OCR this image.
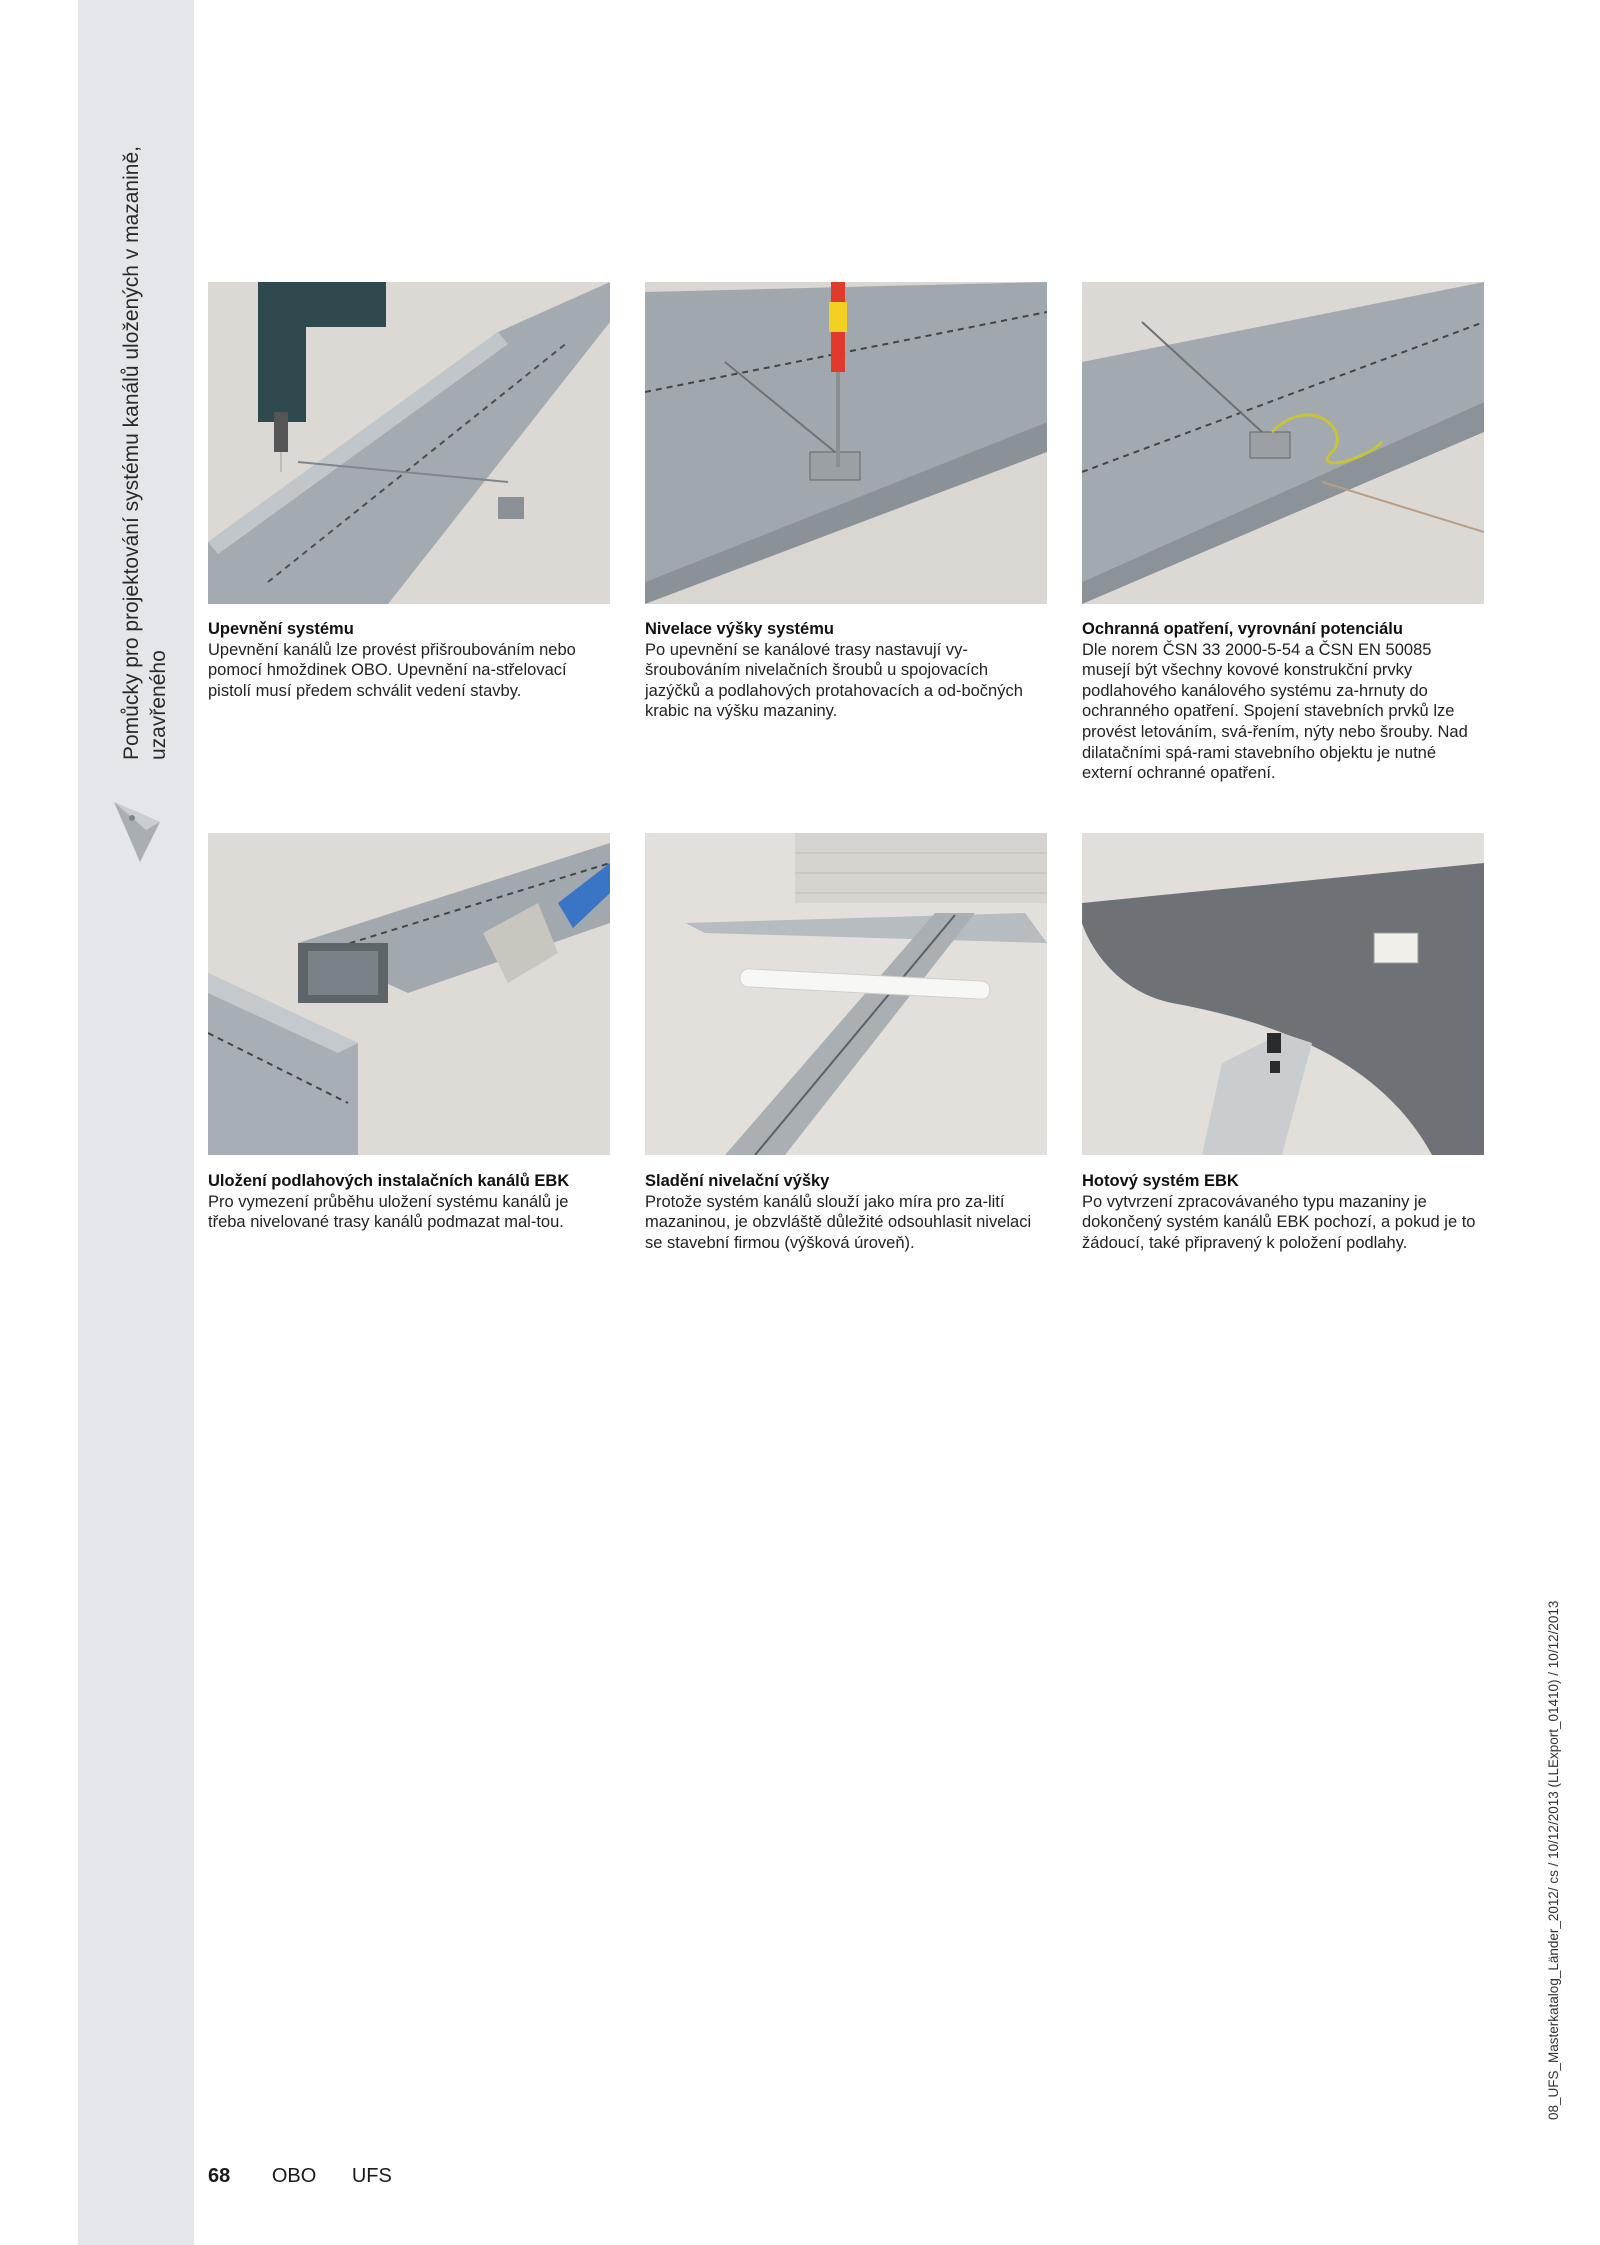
Pomůcky pro projektování systému kanálů uložených v mazanině, uzavřeného
Upevnění systému

Upevnění kanálů lze provést přišroubováním nebo pomocí hmoždinek OBO. Upevnění na-střelovací pistolí musí předem schválit vedení stavby.

Nivelace výšky systému

Po upevnění se kanálové trasy nastavují vy-šroubováním nivelačních šroubů u spojovacích jazýčků a podlahových protahovacích a od-bočných krabic na výšku mazaniny.

Ochranná opatření, vyrovnání potenciálu

Dle norem ČSN 33 2000-5-54 a ČSN EN 50085 musejí být všechny kovové konstrukční prvky podlahového kanálového systému za-hrnuty do ochranného opatření. Spojení stavebních prvků lze provést letováním, svá-řením, nýty nebo šrouby. Nad dilatačními spá-rami stavebního objektu je nutné externí ochranné opatření.

Uložení podlahových instalačních kanálů EBK

Pro vymezení průběhu uložení systému kanálů je třeba nivelované trasy kanálů podmazat mal-tou.

Sladění nivelační výšky

Protože systém kanálů slouží jako míra pro za-lití mazaninou, je obzvláště důležité odsouhlasit nivelaci se stavební firmou (výšková úroveň).

Hotový systém EBK

Po vytvrzení zpracovávaného typu mazaniny je dokončený systém kanálů EBK pochozí, a pokud je to žádoucí, také připravený k položení podlahy.

68 OBO UFS
08_UFS_Masterkatalog_Länder_2012/ cs / 10/12/2013 (LLExport_01410) / 10/12/2013
